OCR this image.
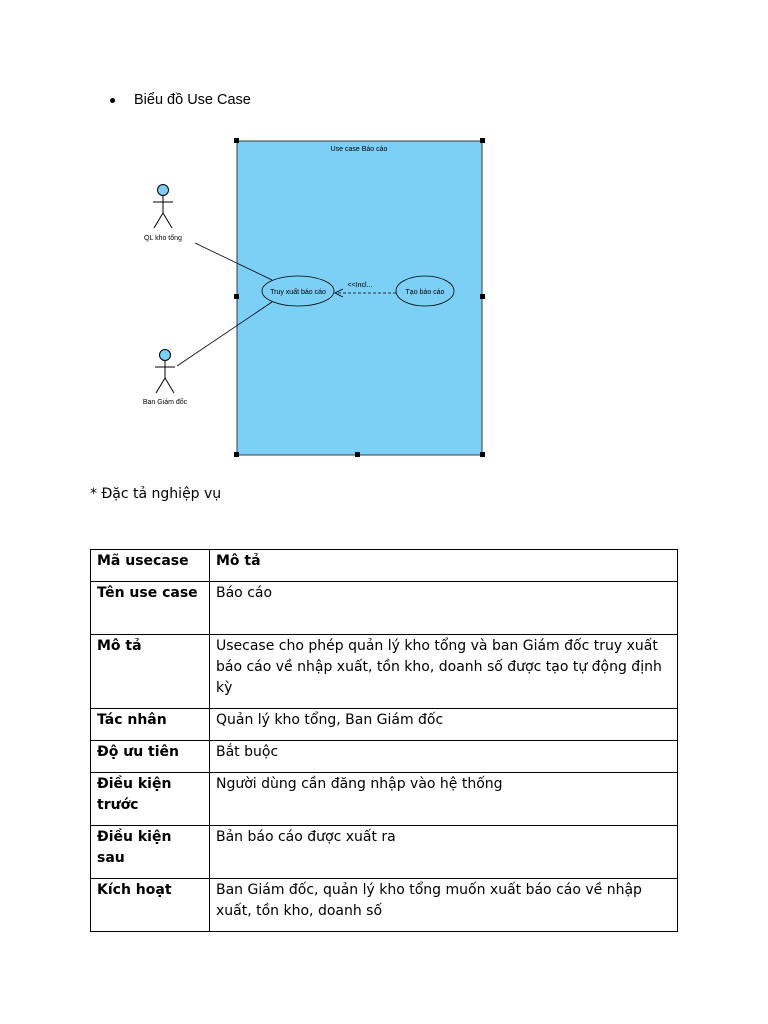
Biểu đồ Use Case
Use case Báo cáo
QL kho tổng
Ban Giám đốc
Truy xuất báo cáo	Tạo báo cáo
<<Incl...
* Đặc tả nghiệp vụ
Mã usecase	Mô tả
Tên use case	Báo cáo
Mô tả	Usecase cho phép quản lý kho tổng và ban Giám đốc truy xuất báo cáo về nhập xuất, tồn kho, doanh số được tạo tự động định kỳ
Tác nhân	Quản lý kho tổng, Ban Giám đốc
Độ ưu tiên	Bắt buộc
Điều kiện trước	Người dùng cần đăng nhập vào hệ thống
Điều kiện sau	Bản báo cáo được xuất ra
Kích hoạt	Ban Giám đốc, quản lý kho tổng muốn xuất báo cáo về nhập xuất, tồn kho, doanh số
